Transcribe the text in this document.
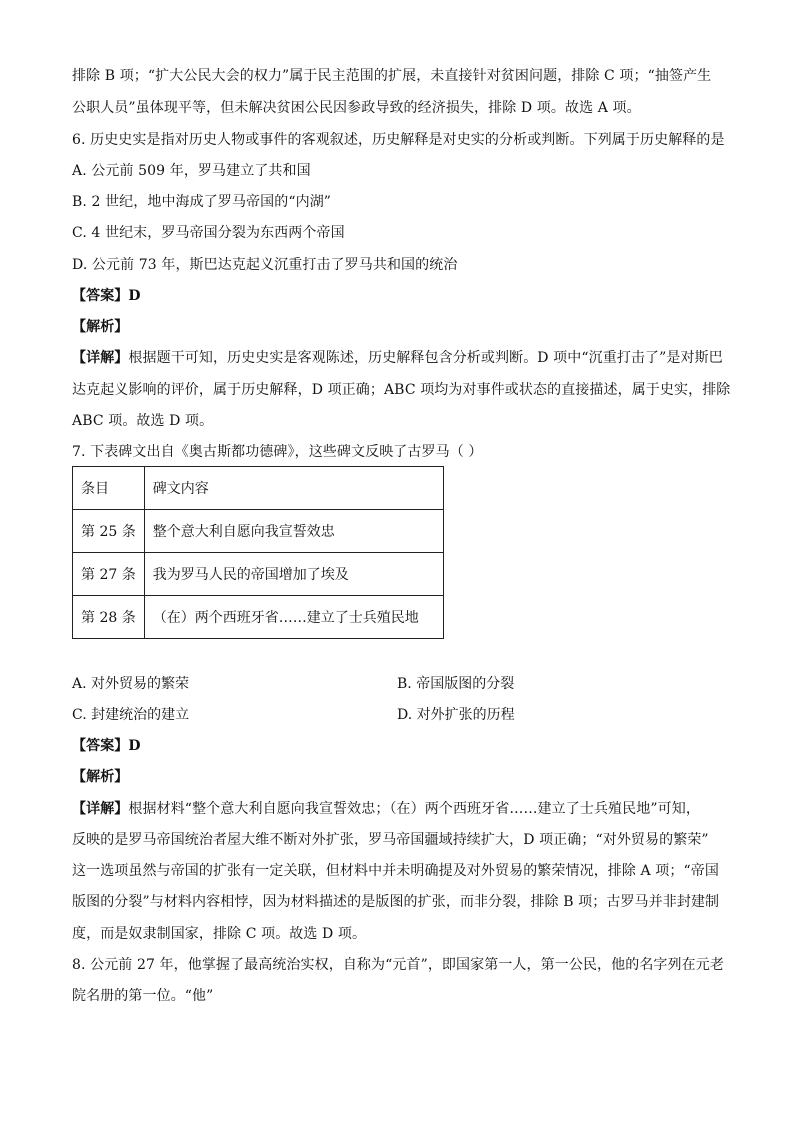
排除 B 项；“扩大公民大会的权力”属于民主范围的扩展，未直接针对贫困问题，排除 C 项；“抽签产生
公职人员”虽体现平等，但未解决贫困公民因参政导致的经济损失，排除 D 项。故选 A 项。
6. 历史史实是指对历史人物或事件的客观叙述，历史解释是对史实的分析或判断。下列属于历史解释的是
A. 公元前 509 年，罗马建立了共和国
B. 2 世纪，地中海成了罗马帝国的“内湖”
C. 4 世纪末，罗马帝国分裂为东西两个帝国
D. 公元前 73 年，斯巴达克起义沉重打击了罗马共和国的统治
【答案】D
【解析】
【详解】根据题干可知，历史史实是客观陈述，历史解释包含分析或判断。D 项中“沉重打击了”是对斯巴
达克起义影响的评价，属于历史解释，D 项正确；ABC 项均为对事件或状态的直接描述，属于史实，排除
ABC 项。故选 D 项。
7. 下表碑文出自《奥古斯都功德碑》，这些碑文反映了古罗马（ ）
条目	碑文内容
第 25 条	整个意大利自愿向我宣誓效忠
第 27 条	我为罗马人民的帝国增加了埃及
第 28 条	（在）两个西班牙省……建立了士兵殖民地
A. 对外贸易的繁荣	B. 帝国版图的分裂
C. 封建统治的建立	D. 对外扩张的历程
【答案】D
【解析】
【详解】根据材料“整个意大利自愿向我宣誓效忠；（在）两个西班牙省……建立了士兵殖民地”可知，
反映的是罗马帝国统治者屋大维不断对外扩张，罗马帝国疆域持续扩大，D 项正确；“对外贸易的繁荣”
这一选项虽然与帝国的扩张有一定关联，但材料中并未明确提及对外贸易的繁荣情况，排除 A 项；“帝国
版图的分裂”与材料内容相悖，因为材料描述的是版图的扩张，而非分裂，排除 B 项；古罗马并非封建制
度，而是奴隶制国家，排除 C 项。故选 D 项。
8. 公元前 27 年，他掌握了最高统治实权，自称为“元首”，即国家第一人，第一公民，他的名字列在元老
院名册的第一位。“他”
